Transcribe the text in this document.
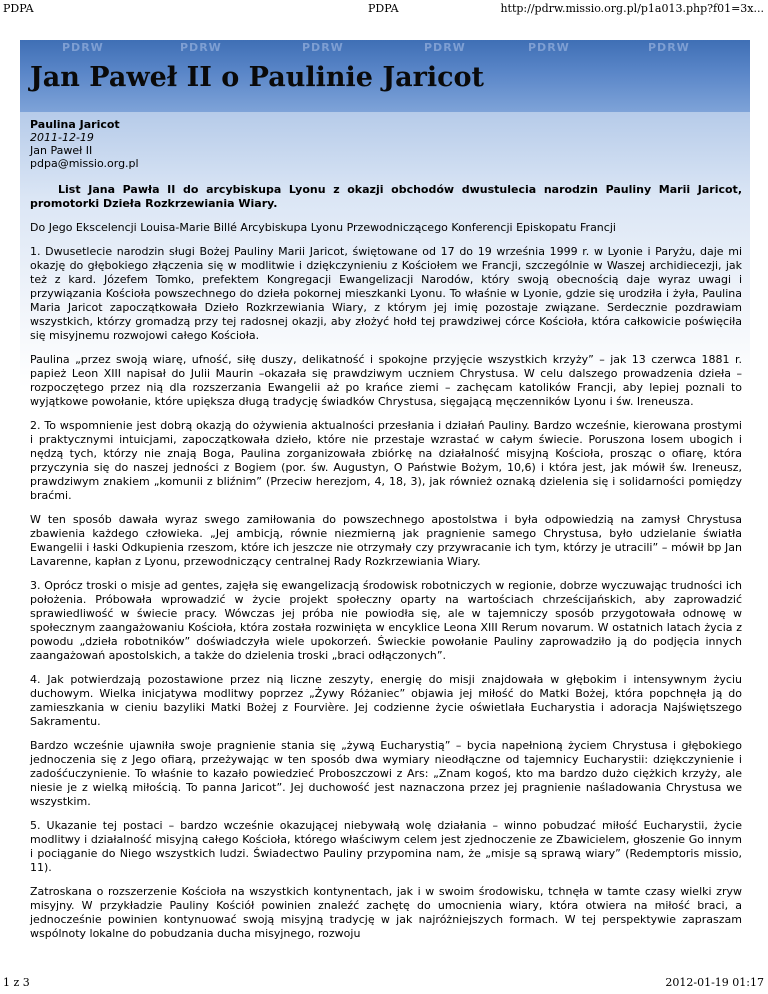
PDPA	PDPA	http://pdrw.missio.org.pl/p1a013.php?f01=3x...
PDRW	PDRW	PDRW	PDRW	PDRW	PDRW
Jan Paweł II o Paulinie Jaricot
Paulina Jaricot
2011-12-19
Jan Paweł II
pdpa@missio.org.pl

List Jana Pawła II do arcybiskupa Lyonu z okazji obchodów dwustulecia narodzin Pauliny Marii Jaricot, promotorki Dzieła Rozkrzewiania Wiary.

Do Jego Ekscelencji Louisa-Marie Billé Arcybiskupa Lyonu Przewodniczącego Konferencji Episkopatu Francji

1. Dwusetlecie narodzin sługi Bożej Pauliny Marii Jaricot, świętowane od 17 do 19 września 1999 r. w Lyonie i Paryżu, daje mi okazję do głębokiego złączenia się w modlitwie i dziękczynieniu z Kościołem we Francji, szczególnie w Waszej archidiecezji, jak też z kard. Józefem Tomko, prefektem Kongregacji Ewangelizacji Narodów, który swoją obecnością daje wyraz uwagi i przywiązania Kościoła powszechnego do dzieła pokornej mieszkanki Lyonu. To właśnie w Lyonie, gdzie się urodziła i żyła, Paulina Maria Jaricot zapoczątkowała Dzieło Rozkrzewiania Wiary, z którym jej imię pozostaje związane. Serdecznie pozdrawiam wszystkich, którzy gromadzą przy tej radosnej okazji, aby złożyć hołd tej prawdziwej córce Kościoła, która całkowicie poświęciła się misyjnemu rozwojowi całego Kościoła.

Paulina „przez swoją wiarę, ufność, siłę duszy, delikatność i spokojne przyjęcie wszystkich krzyży” – jak 13 czerwca 1881 r. papież Leon XIII napisał do Julii Maurin –okazała się prawdziwym uczniem Chrystusa. W celu dalszego prowadzenia dzieła – rozpoczętego przez nią dla rozszerzania Ewangelii aż po krańce ziemi – zachęcam katolików Francji, aby lepiej poznali to wyjątkowe powołanie, które upiększa długą tradycję świadków Chrystusa, sięgającą męczenników Lyonu i św. Ireneusza.

2. To wspomnienie jest dobrą okazją do ożywienia aktualności przesłania i działań Pauliny. Bardzo wcześnie, kierowana prostymi i praktycznymi intuicjami, zapoczątkowała dzieło, które nie przestaje wzrastać w całym świecie. Poruszona losem ubogich i nędzą tych, którzy nie znają Boga, Paulina zorganizowała zbiórkę na działalność misyjną Kościoła, prosząc o ofiarę, która przyczynia się do naszej jedności z Bogiem (por. św. Augustyn, O Państwie Bożym, 10,6) i która jest, jak mówił św. Ireneusz, prawdziwym znakiem „komunii z bliźnim” (Przeciw herezjom, 4, 18, 3), jak również oznaką dzielenia się i solidarności pomiędzy braćmi.

W ten sposób dawała wyraz swego zamiłowania do powszechnego apostolstwa i była odpowiedzią na zamysł Chrystusa zbawienia każdego człowieka. „Jej ambicją, równie niezmierną jak pragnienie samego Chrystusa, było udzielanie światła Ewangelii i łaski Odkupienia rzeszom, które ich jeszcze nie otrzymały czy przywracanie ich tym, którzy je utracili” – mówił bp Jan Lavarenne, kapłan z Lyonu, przewodniczący centralnej Rady Rozkrzewiania Wiary.

3. Oprócz troski o misje ad gentes, zajęła się ewangelizacją środowisk robotniczych w regionie, dobrze wyczuwając trudności ich położenia. Próbowała wprowadzić w życie projekt społeczny oparty na wartościach chrześcijańskich, aby zaprowadzić sprawiedliwość w świecie pracy. Wówczas jej próba nie powiodła się, ale w tajemniczy sposób przygotowała odnowę w społecznym zaangażowaniu Kościoła, która została rozwinięta w encyklice Leona XIII Rerum novarum. W ostatnich latach życia z powodu „dzieła robotników” doświadczyła wiele upokorzeń. Świeckie powołanie Pauliny zaprowadziło ją do podjęcia innych zaangażowań apostolskich, a także do dzielenia troski „braci odłączonych”.

4. Jak potwierdzają pozostawione przez nią liczne zeszyty, energię do misji znajdowała w głębokim i intensywnym życiu duchowym. Wielka inicjatywa modlitwy poprzez „Żywy Różaniec” objawia jej miłość do Matki Bożej, która popchnęła ją do zamieszkania w cieniu bazyliki Matki Bożej z Fourvière. Jej codzienne życie oświetlała Eucharystia i adoracja Najświętszego Sakramentu.

Bardzo wcześnie ujawniła swoje pragnienie stania się „żywą Eucharystią” – bycia napełnioną życiem Chrystusa i głębokiego jednoczenia się z Jego ofiarą, przeżywając w ten sposób dwa wymiary nieodłączne od tajemnicy Eucharystii: dziękczynienie i zadośćuczynienie. To właśnie to kazało powiedzieć Proboszczowi z Ars: „Znam kogoś, kto ma bardzo dużo ciężkich krzyży, ale niesie je z wielką miłością. To panna Jaricot”. Jej duchowość jest naznaczona przez jej pragnienie naśladowania Chrystusa we wszystkim.

5. Ukazanie tej postaci – bardzo wcześnie okazującej niebywałą wolę działania – winno pobudzać miłość Eucharystii, życie modlitwy i działalność misyjną całego Kościoła, którego właściwym celem jest zjednoczenie ze Zbawicielem, głoszenie Go innym i pociąganie do Niego wszystkich ludzi. Świadectwo Pauliny przypomina nam, że „misje są sprawą wiary” (Redemptoris missio, 11).

Zatroskana o rozszerzenie Kościoła na wszystkich kontynentach, jak i w swoim środowisku, tchnęła w tamte czasy wielki zryw misyjny. W przykładzie Pauliny Kościół powinien znaleźć zachętę do umocnienia wiary, która otwiera na miłość braci, a jednocześnie powinien kontynuować swoją misyjną tradycję w jak najróżniejszych formach. W tej perspektywie zapraszam wspólnoty lokalne do pobudzania ducha misyjnego, rozwoju

1 z 3	2012-01-19 01:17
